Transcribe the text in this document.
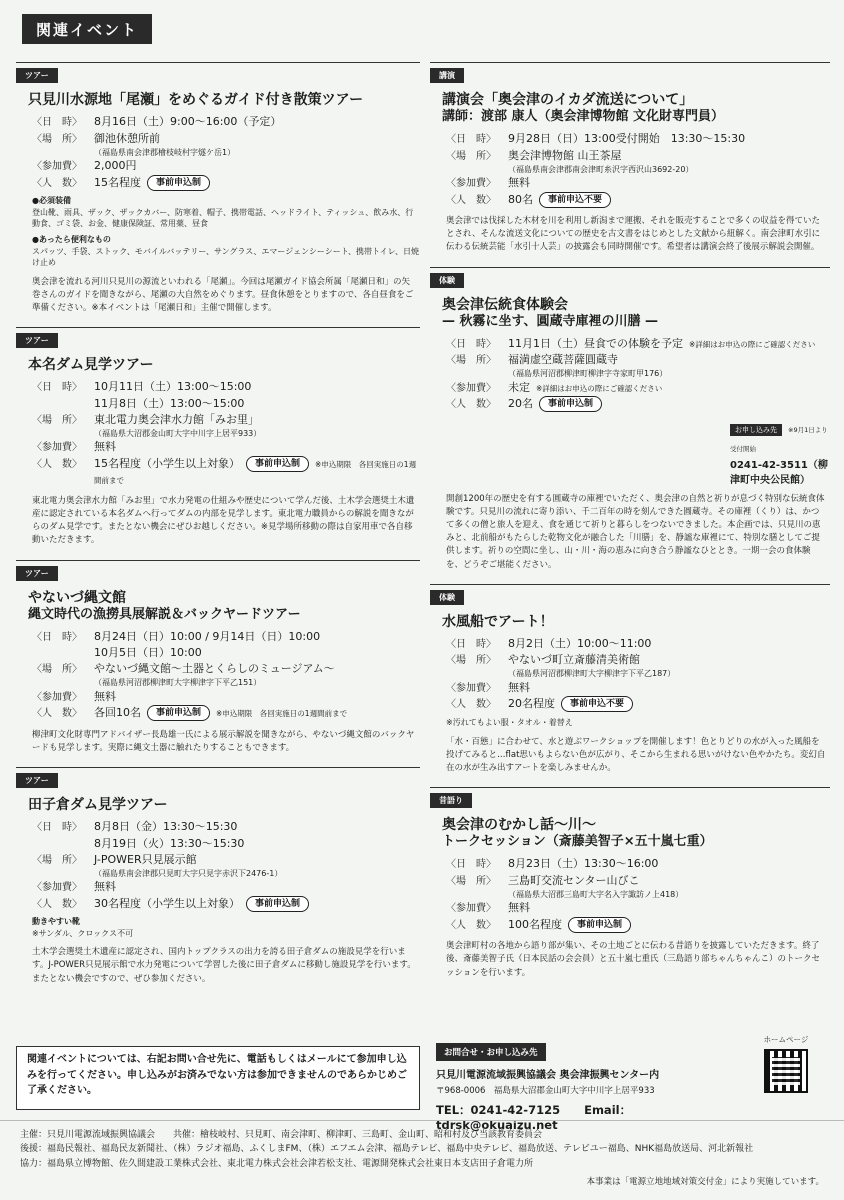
関連イベント
ツアー
只見川水源地「尾瀬」をめぐるガイド付き散策ツアー
〈日　時〉	8月16日（土）9:00〜16:00（予定）
〈場　所〉	御池休憩所前
（福島県南会津郡檜枝岐村字燧ケ岳1）
〈参加費〉	2,000円
〈人　数〉	15名程度 事前申込制
●必須装備
登山靴、雨具、ザック、ザックカバー、防寒着、帽子、携帯電話、ヘッドライト、ティッシュ、飲み水、行動食、ゴミ袋、お金、健康保険証、常用薬、昼食
●あったら便利なもの
スパッツ、手袋、ストック、モバイルバッテリー、サングラス、エマージェンシーシート、携帯トイレ、日焼け止め
奥会津を流れる河川只見川の源流といわれる「尾瀬」。今回は尾瀬ガイド協会所属「尾瀬日和」の矢巻さんのガイドを聞きながら、尾瀬の大自然をめぐります。昼食休憩をとりますので、各自昼食をご準備ください。※本イベントは「尾瀬日和」主催で開催します。
ツアー
本名ダム見学ツアー
〈日　時〉	10月11日（土）13:00〜15:00
11月8日（土）13:00〜15:00
〈場　所〉	東北電力奥会津水力館「みお里」
（福島県大沼郡金山町大字中川字上居平933）
〈参加費〉	無料
〈人　数〉	15名程度（小学生以上対象） 事前申込制 ※申込期限　各回実施日の1週間前まで
東北電力奥会津水力館「みお里」で水力発電の仕組みや歴史について学んだ後、土木学会選奨土木遺産に認定されている本名ダムへ行ってダムの内部を見学します。東北電力職員からの解説を聞きながらのダム見学です。またとない機会にぜひお越しください。※見学場所移動の際は自家用車で各自移動いただきます。
ツアー
やないづ縄文館
縄文時代の漁撈具展解説＆バックヤードツアー
〈日　時〉	8月24日（日）10:00 / 9月14日（日）10:00
10月5日（日）10:00
〈場　所〉	やないづ縄文館〜土器とくらしのミュージアム〜
（福島県河沼郡柳津町大字柳津字下平乙151）
〈参加費〉	無料
〈人　数〉	各回10名 事前申込制 ※申込期限　各回実施日の1週間前まで
柳津町文化財専門アドバイザー長島雄一氏による展示解説を聞きながら、やないづ縄文館のバックヤードも見学します。実際に縄文土器に触れたりすることもできます。
ツアー
田子倉ダム見学ツアー
〈日　時〉	8月8日（金）13:30〜15:30
8月19日（火）13:30〜15:30
〈場　所〉	J-POWER只見展示館
（福島県南会津郡只見町大字只見字赤沢下2476-1）
〈参加費〉	無料
〈人　数〉	30名程度（小学生以上対象） 事前申込制
動きやすい靴
※サンダル、クロックス不可
土木学会選奨土木遺産に認定され、国内トップクラスの出力を誇る田子倉ダムの施設見学を行います。J-POWER只見展示館で水力発電について学習した後に田子倉ダムに移動し施設見学を行います。またとない機会ですので、ぜひ参加ください。
講演
講演会「奥会津のイカダ流送について」
講師：渡部 康人（奥会津博物館 文化財専門員）
〈日　時〉	9月28日（日）13:00受付開始　13:30〜15:30
〈場　所〉	奥会津博物館 山王茶屋
（福島県南会津郡南会津町糸沢字西沢山3692-20）
〈参加費〉	無料
〈人　数〉	80名 事前申込不要
奥会津では伐採した木材を川を利用し新潟まで運搬、それを販売することで多くの収益を得ていたとされ、そんな流送文化についての歴史を古文書をはじめとした文献から紐解く。南会津町水引に伝わる伝統芸能「水引十人芸」の披露会も同時開催です。希望者は講演会終了後展示解説会開催。
体験
奥会津伝統食体験会
— 秋霧に坐す、圓蔵寺庫裡の川膳 —
〈日　時〉	11月1日（土）昼食での体験を予定 ※詳細はお申込の際にご確認ください
〈場　所〉	福満虚空蔵菩薩圓蔵寺
（福島県河沼郡柳津町柳津字寺家町甲176）
〈参加費〉	未定 ※詳細はお申込の際にご確認ください
〈人　数〉	20名 事前申込制
お申し込み先 ※9月1日より受付開始
0241-42-3511（柳津町中央公民館）
開創1200年の歴史を有する圓蔵寺の庫裡でいただく、奥会津の自然と祈りが息づく特別な伝統食体験です。只見川の流れに寄り添い、千二百年の時を刻んできた圓蔵寺。その庫裡（くり）は、かつて多くの僧と旅人を迎え、食を通じて祈りと暮らしをつないできました。本企画では、只見川の恵みと、北前船がもたらした乾物文化が融合した「川膳」を、静謐な庫裡にて、特別な膳としてご提供します。祈りの空間に坐し、山・川・海の恵みに向き合う静謐なひととき。一期一会の食体験を、どうぞご堪能ください。
体験
水風船でアート！
〈日　時〉	8月2日（土）10:00〜11:00
〈場　所〉	やないづ町立斎藤清美術館
（福島県河沼郡柳津町大字柳津字下平乙187）
〈参加費〉	無料
〈人　数〉	20名程度 事前申込不要
※汚れてもよい服・タオル・着替え
「水・百態」に合わせて、水と遊ぶワークショップを開催します！色とりどりの水が入った風船を投げてみると…flat思いもよらない色が広がり、そこから生まれる思いがけない色やかたち。変幻自在の水が生み出すアートを楽しみませんか。
昔語り
奥会津のむかし話〜川〜
トークセッション（斎藤美智子×五十嵐七重）
〈日　時〉	8月23日（土）13:30〜16:00
〈場　所〉	三島町交流センター山びこ
（福島県大沼郡三島町大字名入字諏訪ノ上418）
〈参加費〉	無料
〈人　数〉	100名程度 事前申込制
奥会津町村の各地から語り部が集い、その土地ごとに伝わる昔語りを披露していただきます。終了後、斎藤美智子氏（日本民話の会会員）と五十嵐七重氏（三島語り部ちゃんちゃんこ）のトークセッションを行います。
関連イベントについては、右記お問い合せ先に、電話もしくはメールにて参加申し込みを行ってください。申し込みがお済みでない方は参加できませんのであらかじめご了承ください。
お問合せ・お申し込み先
只見川電源流域振興協議会 奥会津振興センター内
〒968-0006　福島県大沼郡金山町大字中川字上居平933
TEL：0241-42-7125 Email：tdrsk@okuaizu.net
ホームページ
主催：只見川電源流域振興協議会　　共催：檜枝岐村、只見町、南会津町、柳津町、三島町、金山町、昭和村及び当該教育委員会
後援：福島民報社、福島民友新聞社、（株）ラジオ福島、ふくしまFM、（株）エフエム会津、福島テレビ、福島中央テレビ、福島放送、テレビユー福島、NHK福島放送局、河北新報社
協力：福島県立博物館、佐久間建設工業株式会社、東北電力株式会社会津若松支社、電源開発株式会社東日本支店田子倉電力所
本事業は「電源立地地域対策交付金」により実施しています。
